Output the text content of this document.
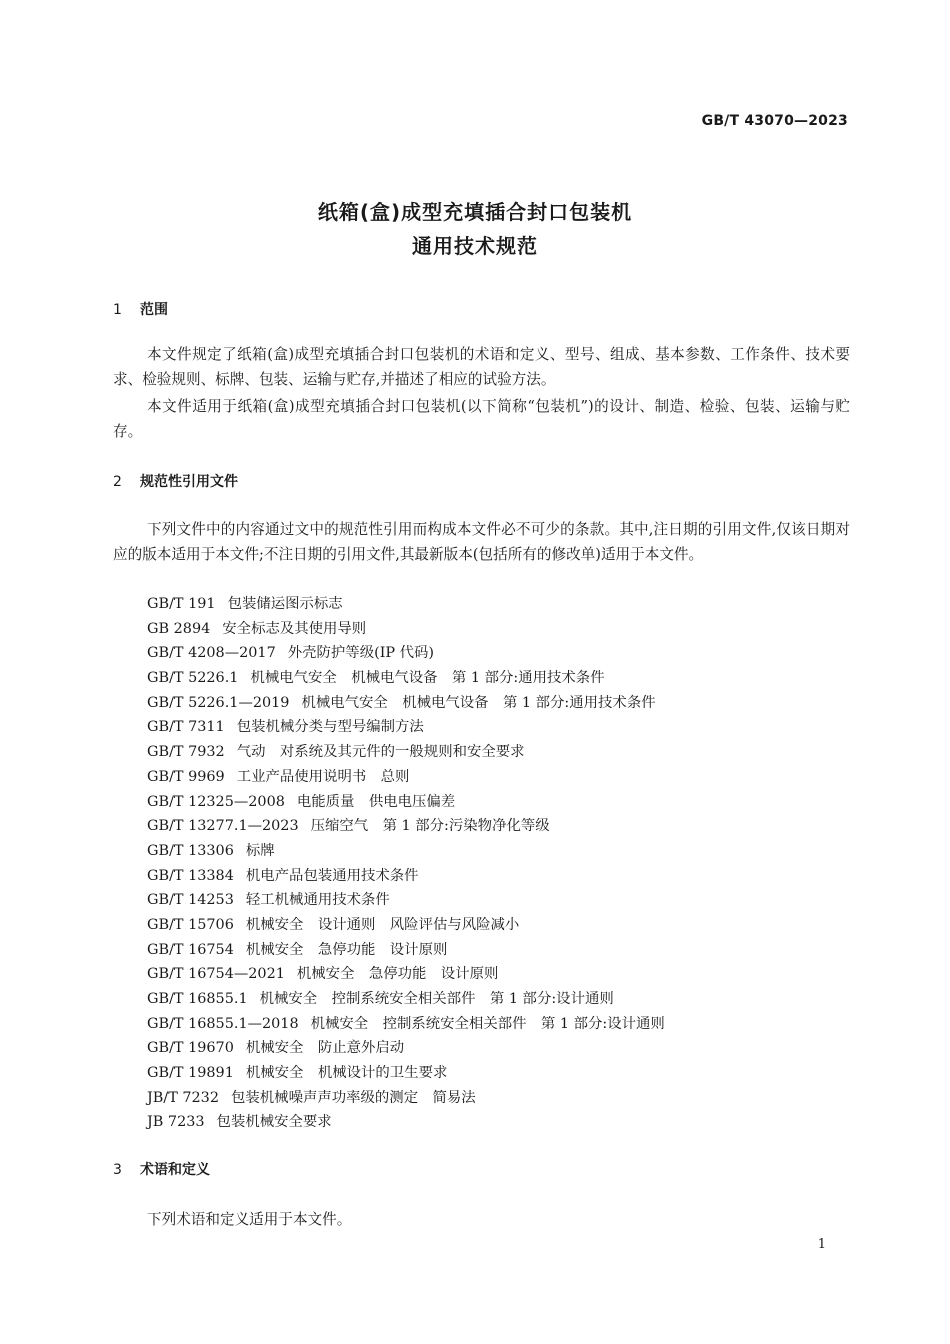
GB/T 43070—2023
纸箱(盒)成型充填插合封口包装机
通用技术规范
1 范围

本文件规定了纸箱(盒)成型充填插合封口包装机的术语和定义、型号、组成、基本参数、工作条件、技术要求、检验规则、标牌、包装、运输与贮存,并描述了相应的试验方法。

本文件适用于纸箱(盒)成型充填插合封口包装机(以下简称“包装机”)的设计、制造、检验、包装、运输与贮存。

2 规范性引用文件

下列文件中的内容通过文中的规范性引用而构成本文件必不可少的条款。其中,注日期的引用文件,仅该日期对应的版本适用于本文件;不注日期的引用文件,其最新版本(包括所有的修改单)适用于本文件。

GB/T 191 包装储运图示标志
GB 2894 安全标志及其使用导则
GB/T 4208—2017 外壳防护等级(IP 代码)
GB/T 5226.1 机械电气安全　机械电气设备　第 1 部分:通用技术条件
GB/T 5226.1—2019 机械电气安全　机械电气设备　第 1 部分:通用技术条件
GB/T 7311 包装机械分类与型号编制方法
GB/T 7932 气动　对系统及其元件的一般规则和安全要求
GB/T 9969 工业产品使用说明书　总则
GB/T 12325—2008 电能质量　供电电压偏差
GB/T 13277.1—2023 压缩空气　第 1 部分:污染物净化等级
GB/T 13306 标牌
GB/T 13384 机电产品包装通用技术条件
GB/T 14253 轻工机械通用技术条件
GB/T 15706 机械安全　设计通则　风险评估与风险减小
GB/T 16754 机械安全　急停功能　设计原则
GB/T 16754—2021 机械安全　急停功能　设计原则
GB/T 16855.1 机械安全　控制系统安全相关部件　第 1 部分:设计通则
GB/T 16855.1—2018 机械安全　控制系统安全相关部件　第 1 部分:设计通则
GB/T 19670 机械安全　防止意外启动
GB/T 19891 机械安全　机械设计的卫生要求
JB/T 7232 包装机械噪声声功率级的测定　简易法
JB 7233 包装机械安全要求
3 术语和定义

下列术语和定义适用于本文件。

1
